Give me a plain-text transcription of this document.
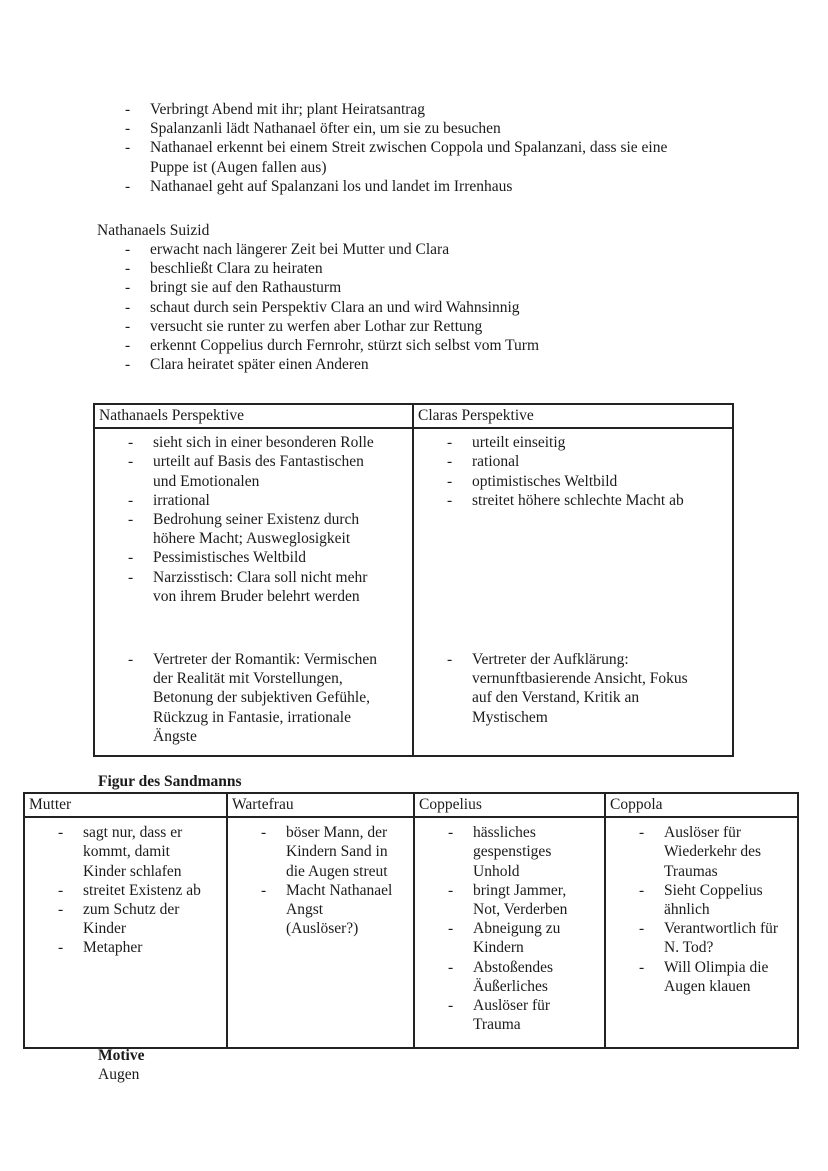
- Verbringt Abend mit ihr; plant Heiratsantrag
- Spalanzanli lädt Nathanael öfter ein, um sie zu besuchen
- Nathanael erkennt bei einem Streit zwischen Coppola und Spalanzani, dass sie eine Puppe ist (Augen fallen aus)
- Nathanael geht auf Spalanzani los und landet im Irrenhaus
Nathanaels Suizid
- erwacht nach längerer Zeit bei Mutter und Clara
- beschließt Clara zu heiraten
- bringt sie auf den Rathausturm
- schaut durch sein Perspektiv Clara an und wird Wahnsinnig
- versucht sie runter zu werfen aber Lothar zur Rettung
- erkennt Coppelius durch Fernrohr, stürzt sich selbst vom Turm
- Clara heiratet später einen Anderen
Nathanaels Perspektive	Claras Perspektive

- sieht sich in einer besonderen Rolle
- urteilt auf Basis des Fantastischen und Emotionalen
- irrational
- Bedrohung seiner Existenz durch höhere Macht; Ausweglosigkeit
- Pessimistisches Weltbild
- Narzisstisch: Clara soll nicht mehr von ihrem Bruder belehrt werden

- urteilt einseitig
- rational
- optimistisches Weltbild
- streitet höhere schlechte Macht ab

- Vertreter der Romantik: Vermischen der Realität mit Vorstellungen, Betonung der subjektiven Gefühle, Rückzug in Fantasie, irrationale Ängste

- Vertreter der Aufklärung: vernunftbasierende Ansicht, Fokus auf den Verstand, Kritik an Mystischem
Figur des Sandmanns
Mutter	Wartefrau	Coppelius	Coppola

- sagt nur, dass er kommt, damit Kinder schlafen
- streitet Existenz ab
- zum Schutz der Kinder
- Metapher

- böser Mann, der Kindern Sand in die Augen streut
- Macht Nathanael Angst (Auslöser?)

- hässliches gespenstiges Unhold
- bringt Jammer, Not, Verderben
- Abneigung zu Kindern
- Abstoßendes Äußerliches
- Auslöser für Trauma

- Auslöser für Wiederkehr des Traumas
- Sieht Coppelius ähnlich
- Verantwortlich für N. Tod?
- Will Olimpia die Augen klauen
Motive
Augen
